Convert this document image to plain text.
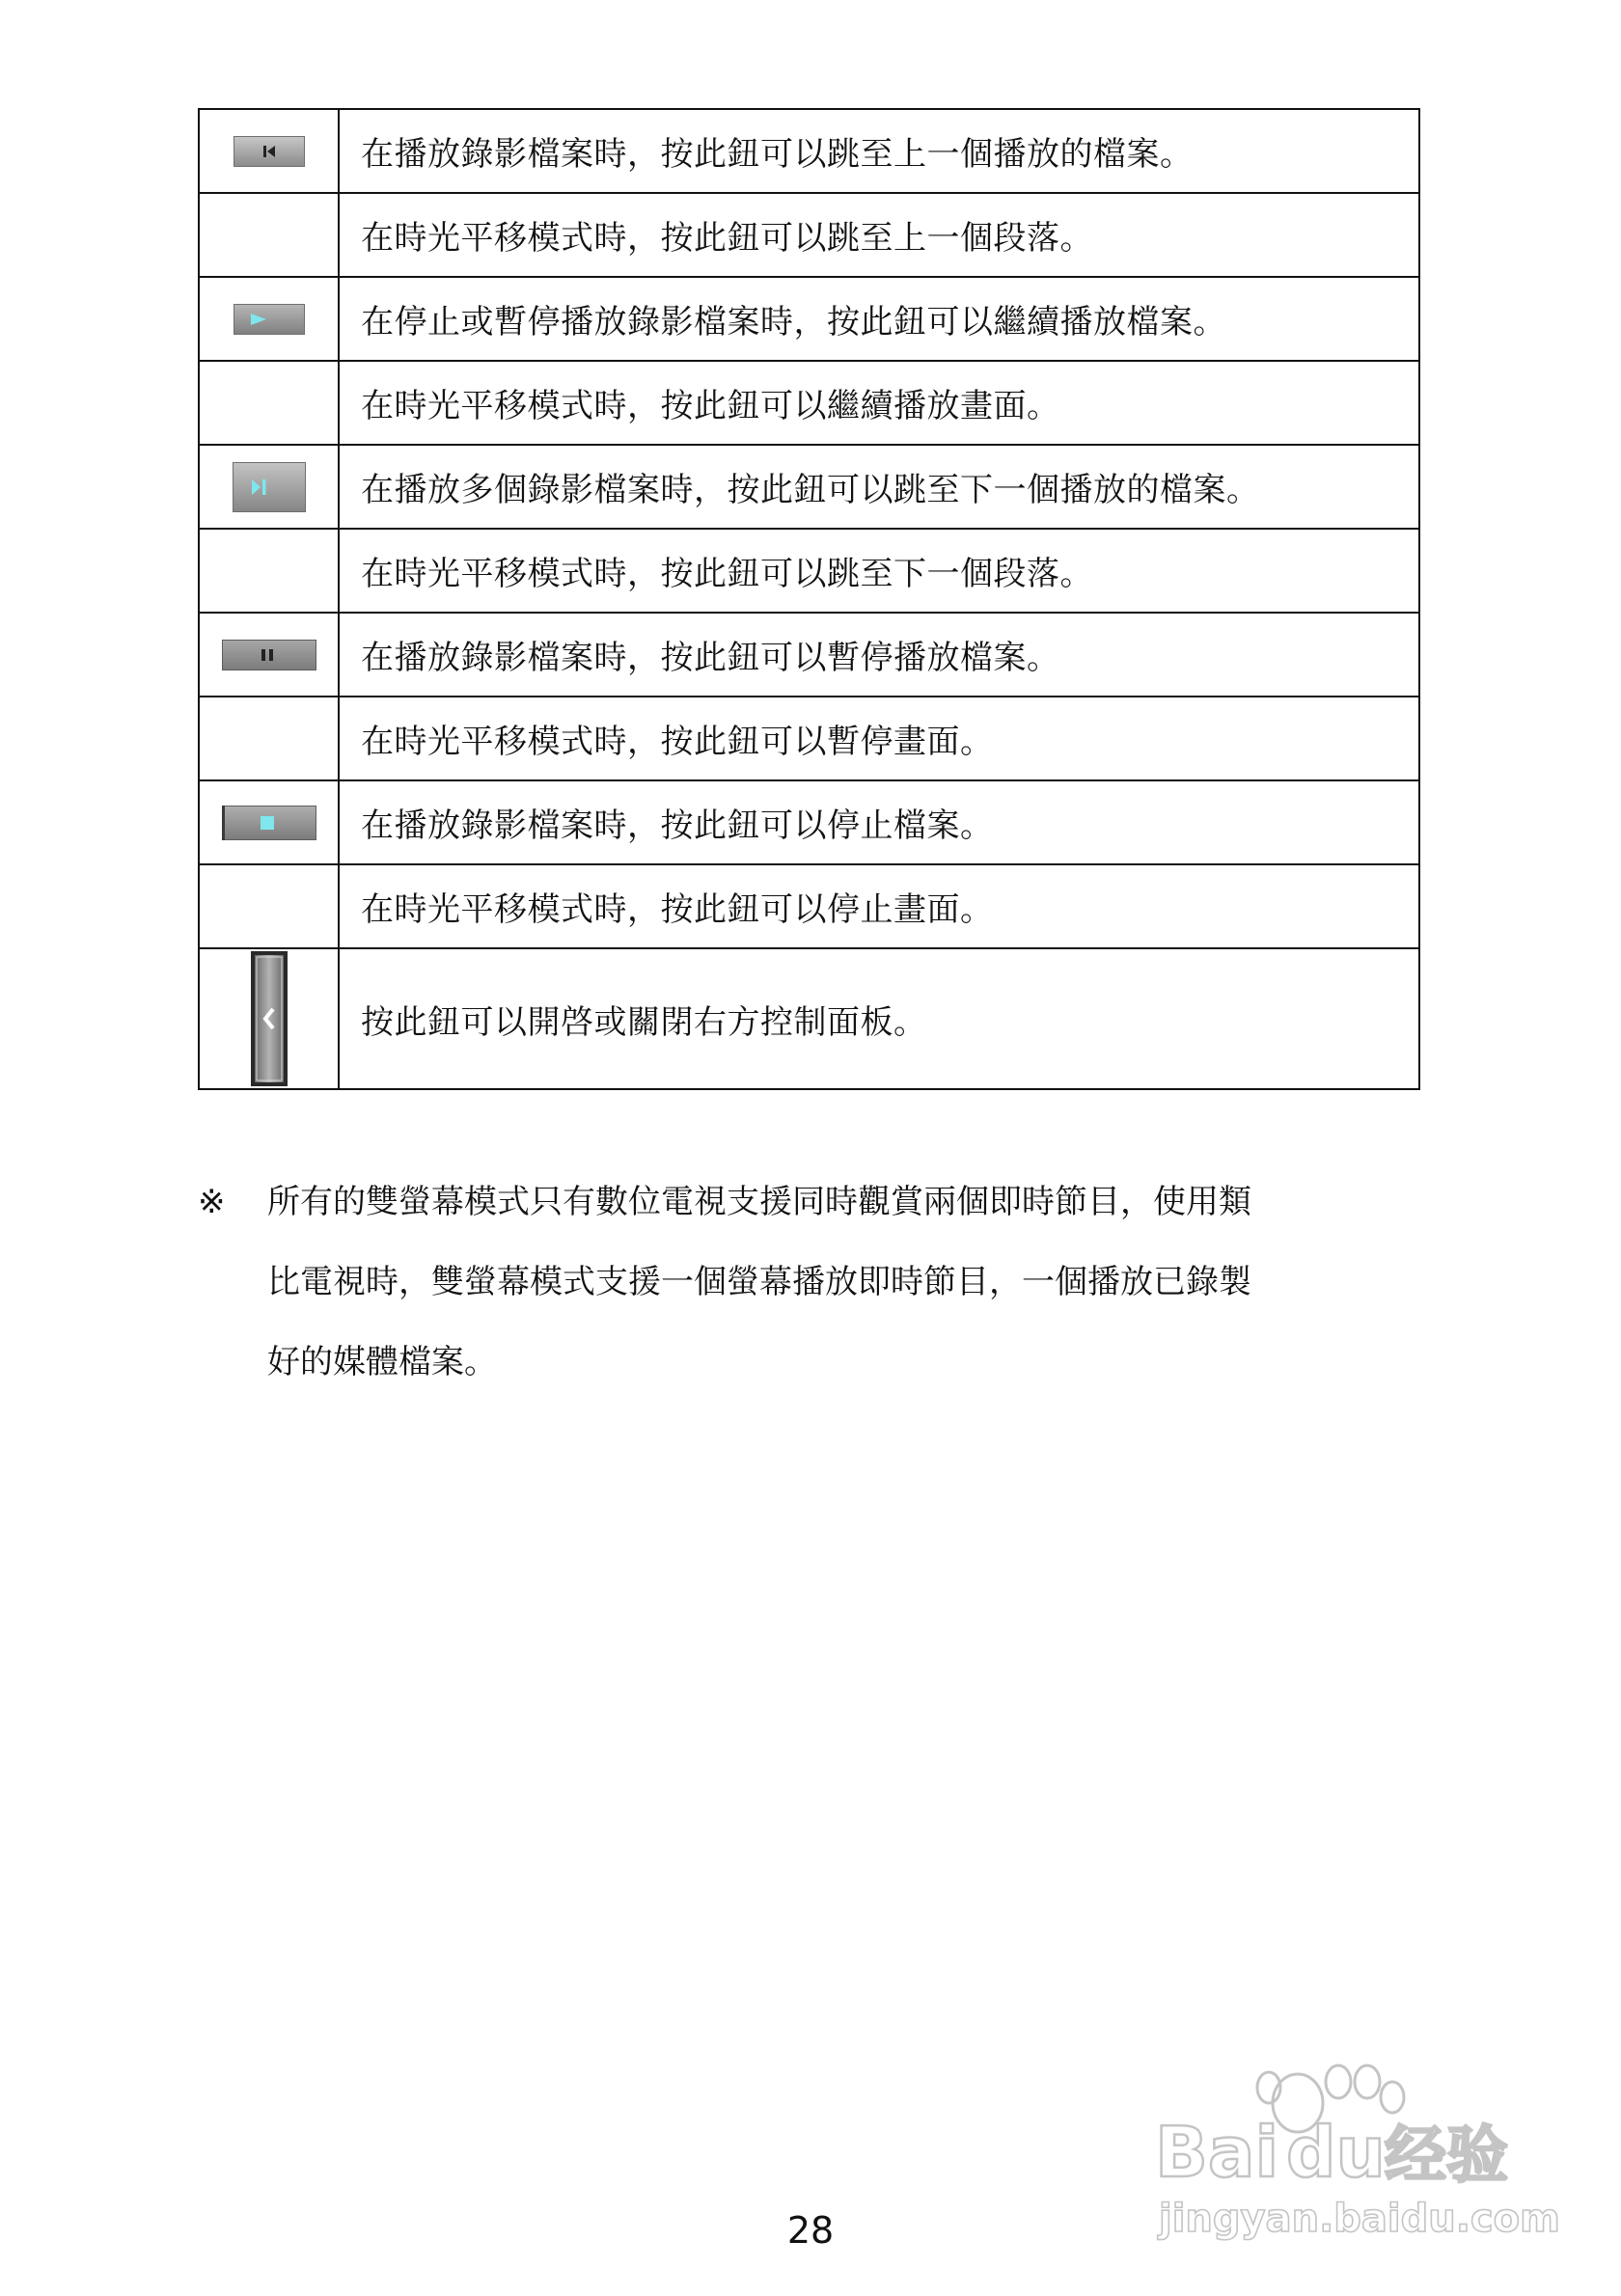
	在播放錄影檔案時，按此鈕可以跳至上一個播放的檔案。
	在時光平移模式時，按此鈕可以跳至上一個段落。

	在停止或暫停播放錄影檔案時，按此鈕可以繼續播放檔案。
	在時光平移模式時，按此鈕可以繼續播放畫面。

	在播放多個錄影檔案時，按此鈕可以跳至下一個播放的檔案。
	在時光平移模式時，按此鈕可以跳至下一個段落。

	在播放錄影檔案時，按此鈕可以暫停播放檔案。
	在時光平移模式時，按此鈕可以暫停畫面。

	在播放錄影檔案時，按此鈕可以停止檔案。
	在時光平移模式時，按此鈕可以停止畫面。

	按此鈕可以開啓或關閉右方控制面板。
※	所有的雙螢幕模式只有數位電視支援同時觀賞兩個即時節目，使用類
比電視時，雙螢幕模式支援一個螢幕播放即時節目，一個播放已錄製
好的媒體檔案。
Bai du 经验
jingyan.baidu.com
28
